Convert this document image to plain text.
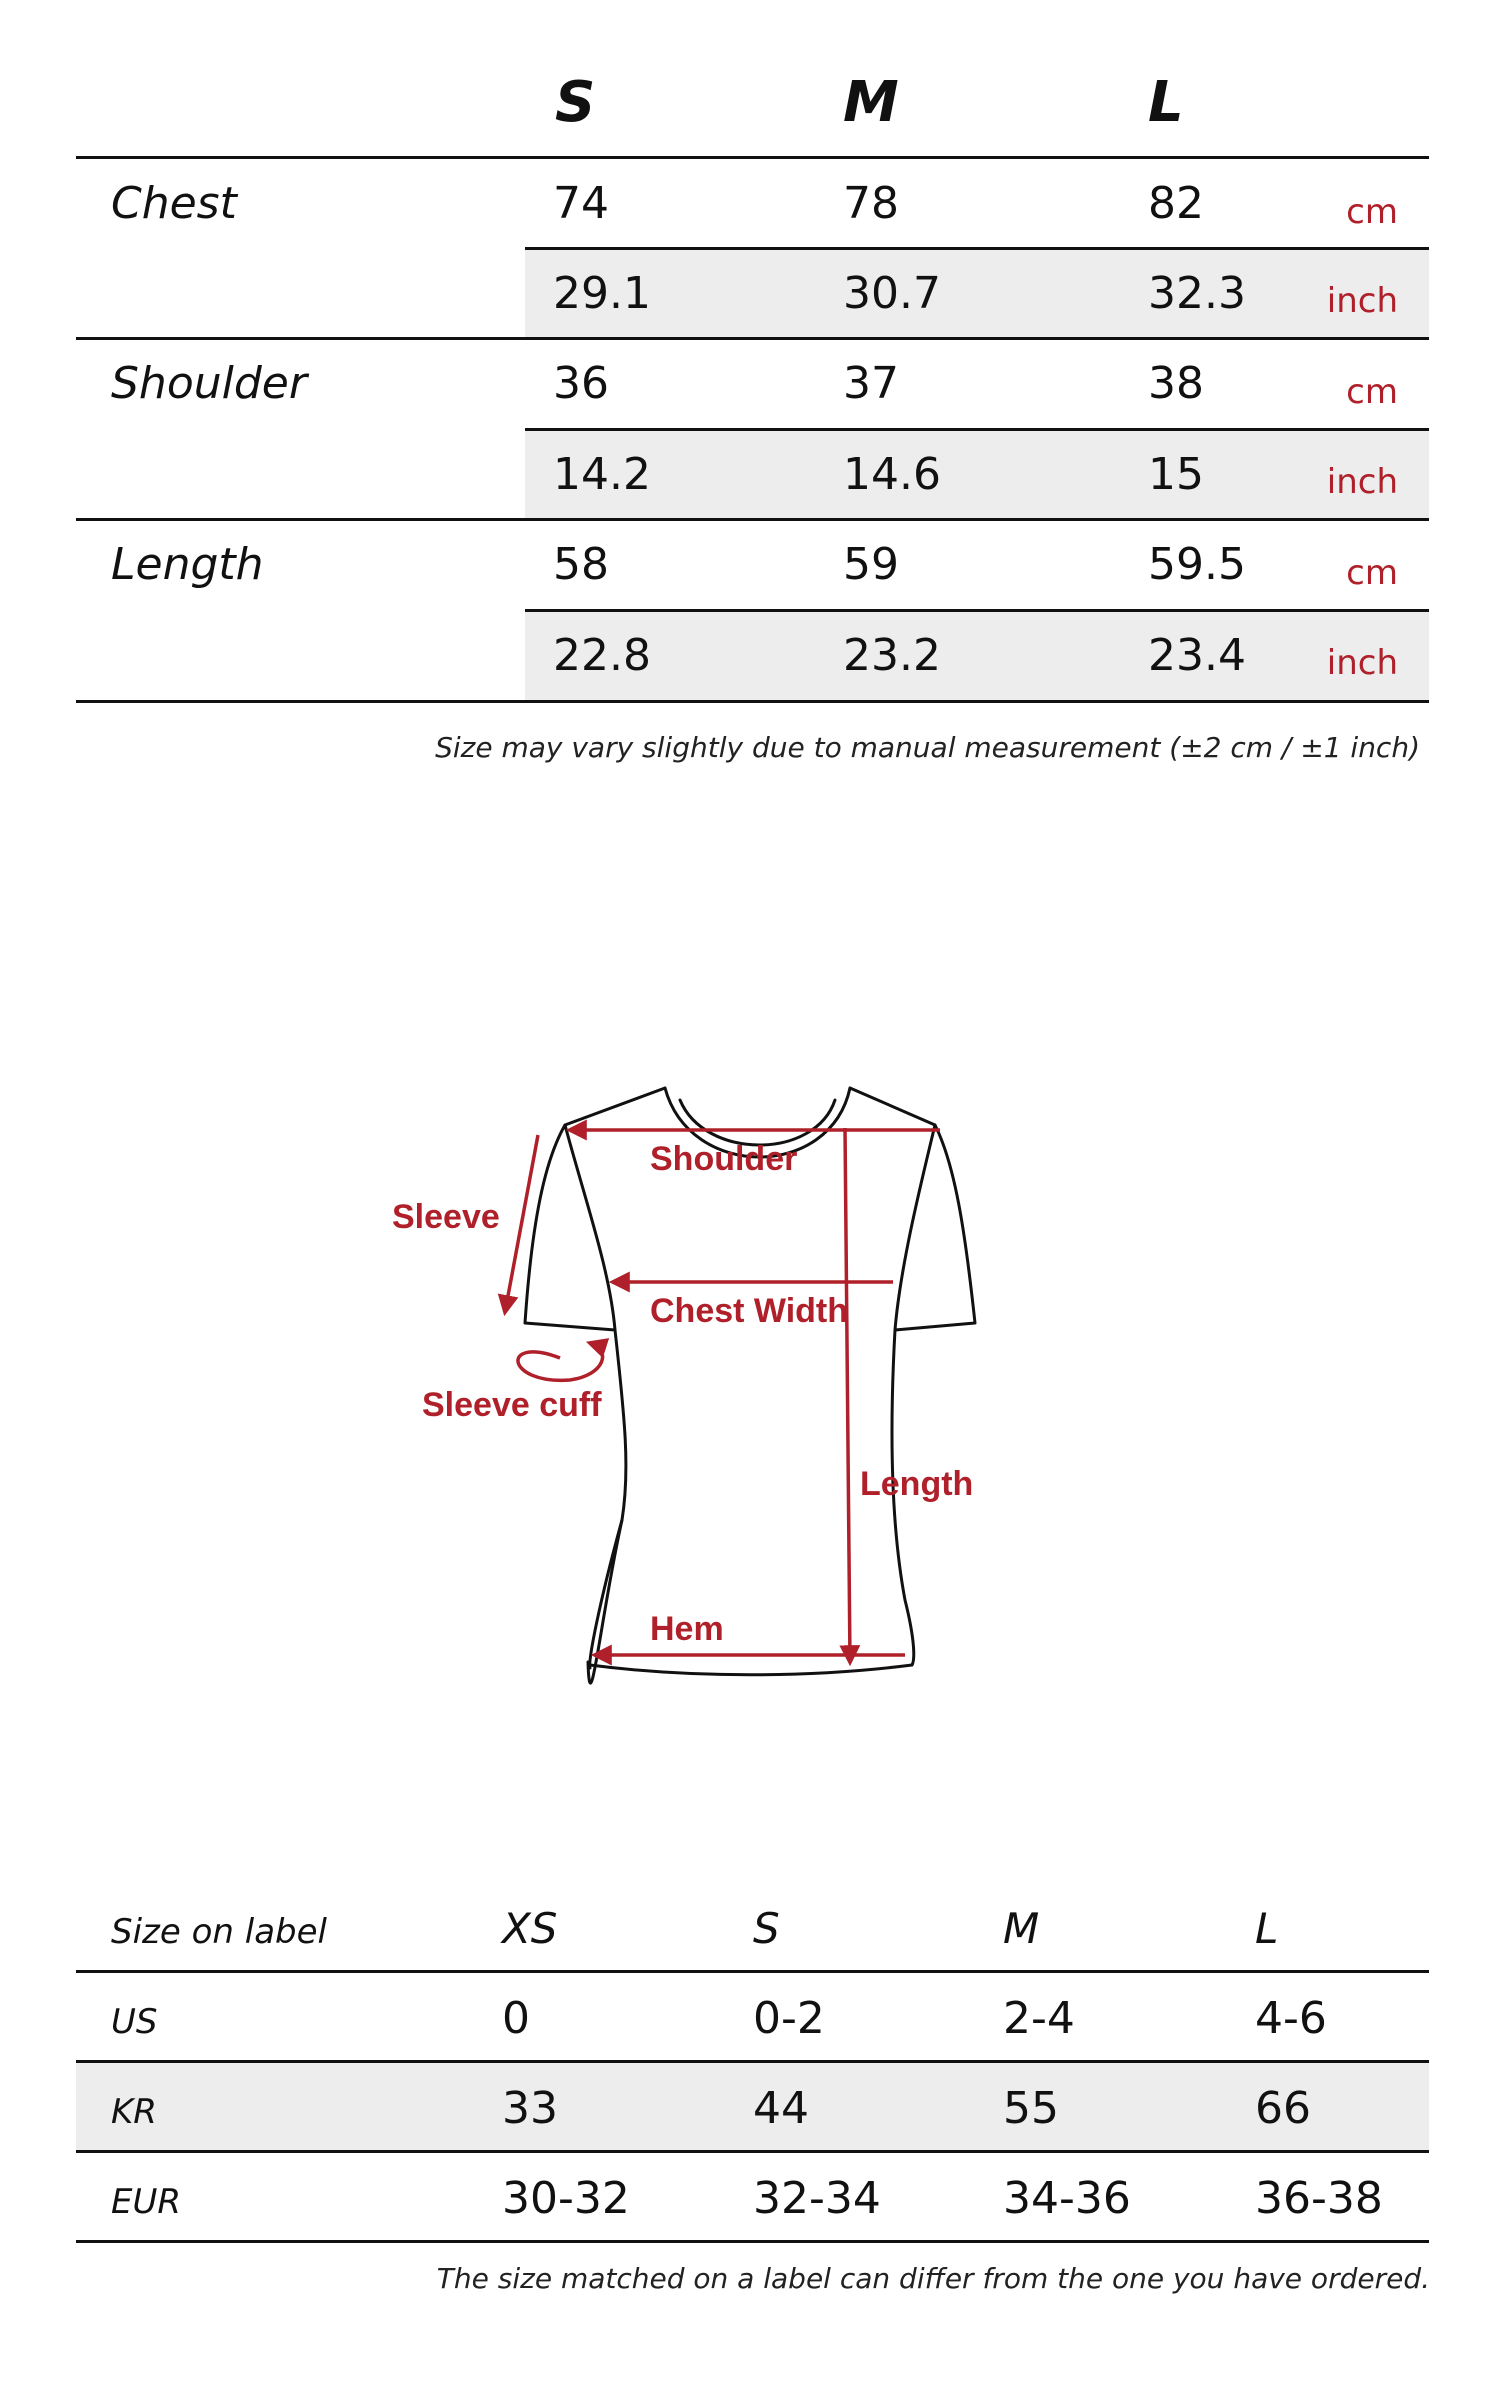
S	M	L
Chest	74	78	82	cm
29.1	30.7	32.3	inch
Shoulder	36	37	38	cm
14.2	14.6	15	inch
Length	58	59	59.5	cm
22.8	23.2	23.4	inch
Size may vary slightly due to manual measurement (±2 cm / ±1 inch)
Shoulder
Sleeve
Chest Width
Sleeve cuff
Length
Hem
Size on label	XS	S	M	L
US	0	0-2	2-4	4-6
KR	33	44	55	66
EUR	30-32	32-34	34-36	36-38
The size matched on a label can differ from the one you have ordered.
